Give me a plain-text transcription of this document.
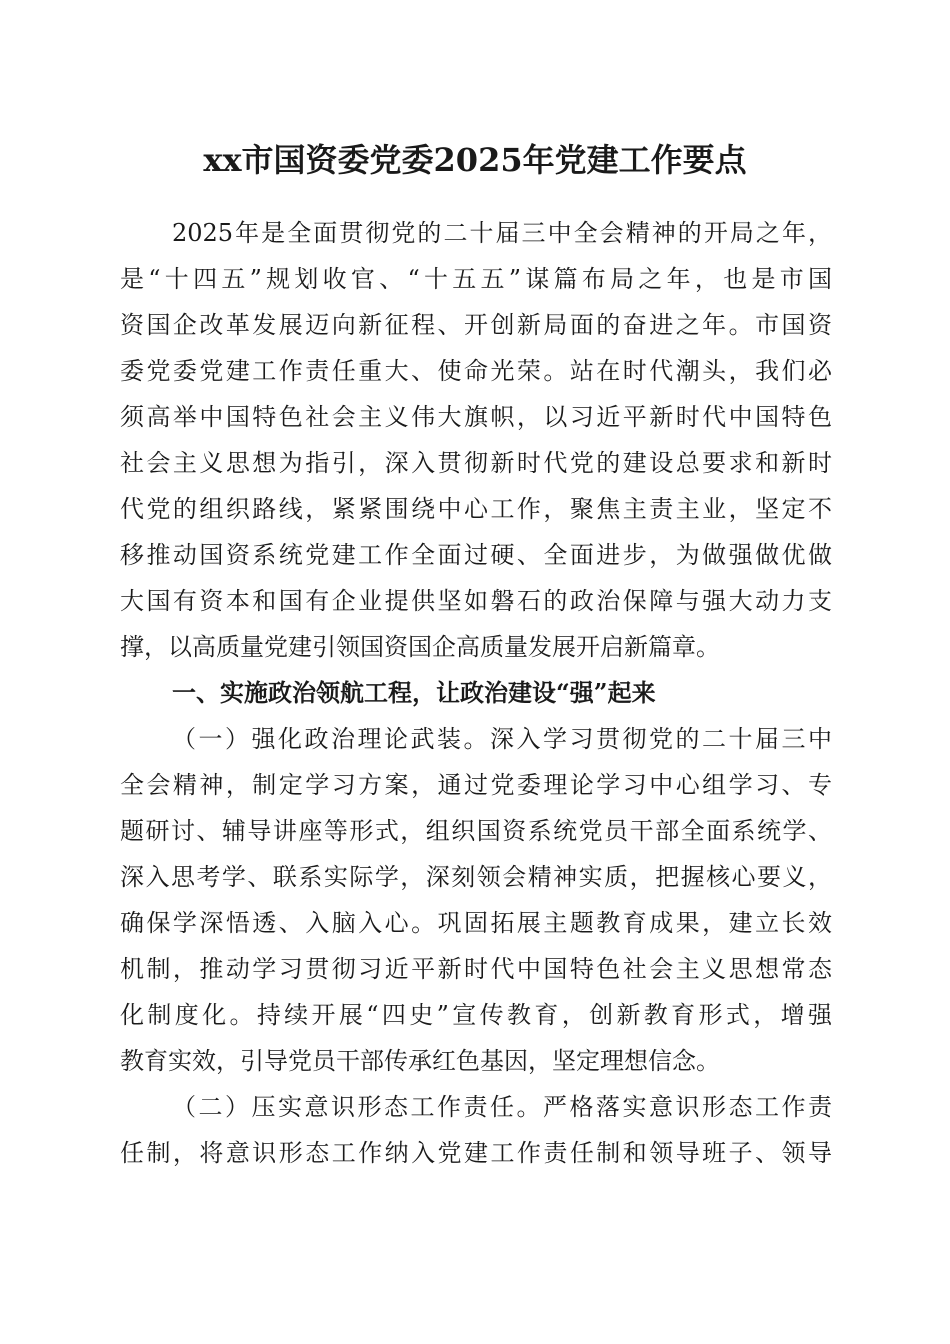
xx市国资委党委2025年党建工作要点
2025年是全面贯彻党的二十届三中全会精神的开局之年，
是“十四五”规划收官、“十五五”谋篇布局之年，也是市国
资国企改革发展迈向新征程、开创新局面的奋进之年。市国资
委党委党建工作责任重大、使命光荣。站在时代潮头，我们必
须高举中国特色社会主义伟大旗帜，以习近平新时代中国特色
社会主义思想为指引，深入贯彻新时代党的建设总要求和新时
代党的组织路线，紧紧围绕中心工作，聚焦主责主业，坚定不
移推动国资系统党建工作全面过硬、全面进步，为做强做优做
大国有资本和国有企业提供坚如磐石的政治保障与强大动力支
撑，以高质量党建引领国资国企高质量发展开启新篇章。
一、实施政治领航工程，让政治建设“强”起来
（一）强化政治理论武装。深入学习贯彻党的二十届三中
全会精神，制定学习方案，通过党委理论学习中心组学习、专
题研讨、辅导讲座等形式，组织国资系统党员干部全面系统学、
深入思考学、联系实际学，深刻领会精神实质，把握核心要义，
确保学深悟透、入脑入心。巩固拓展主题教育成果，建立长效
机制，推动学习贯彻习近平新时代中国特色社会主义思想常态
化制度化。持续开展“四史”宣传教育，创新教育形式，增强
教育实效，引导党员干部传承红色基因，坚定理想信念。
（二）压实意识形态工作责任。严格落实意识形态工作责
任制，将意识形态工作纳入党建工作责任制和领导班子、领导
